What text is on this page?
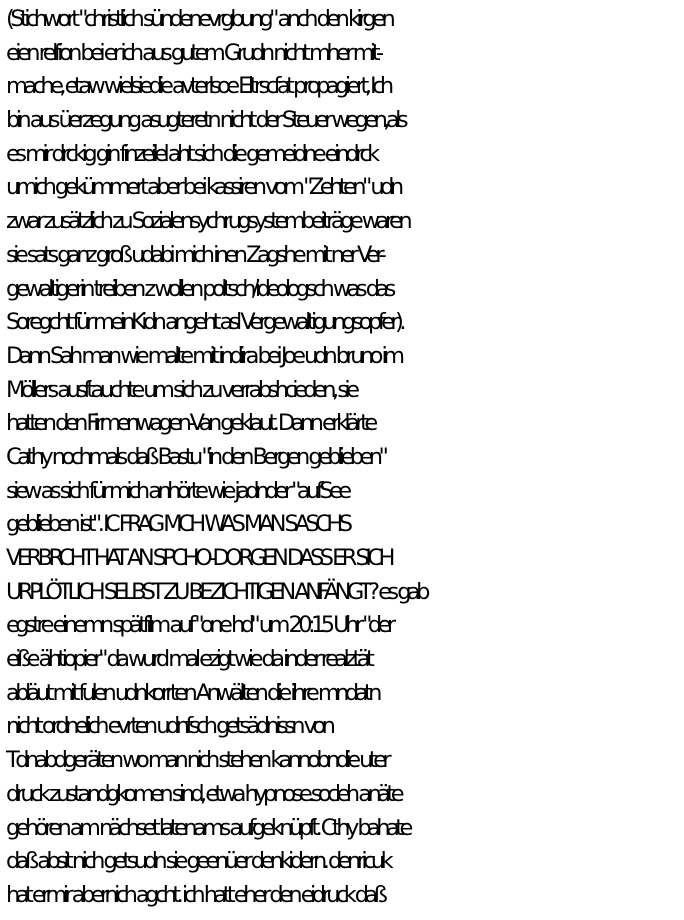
(Stichwort "christlich sündenevrgbung" anch den kirgen
eien relfion bei er ich aus gutem Grudn nicht mher mit-
mache, etaw wielsiedie avterlsoe Eltrscfat propagiert, Ich
bin aus üerzegung asugteretn nicht der Steuer wegen,als
es mir drckig gin finzeilel aht sich die gemeidne eindrck
umich gekümmert aber bei kassiren vom "Zehten" udn
zwar zusätzlich zu Sozialensychrugsystembeiträge waren
sie sats ganz groß udabi mich inen Zagshe mit ner Ver-
gewaltigerin treiben z wollen poltsch/ideologsch was das
Soregcht für meinKidn angeht asl Vergewaltigungsopfer).
Dann Sah man wie malte mit indira bei Joe udn bruno im
Möllers ausftauchte um sich zu verrabshcieden, sie
hatten den Firmenwagen-Van geklaut. Dann erklärte
Cathy nochmals daß Bastu "in den Bergen geblieben"
siew as sich für mich anhörte wie jadnder "aufSee
geblieben ist". IC FRAG MCH WAS MAN SASCHS
VERBRCHT HAT AN SPCHO-DORGEN DASS ER SICH
URPLÖTLICH SELBST ZU BEZICHTIGEN ANFÄNGT? es gab
egstre einemn spätfilm auf "one hd" um 20:15 Uhr "der
eiße ähtiopier" da wurd mal ezigt wie da inder realztät
abläut mit fulen udnkorrten Anwälten die ihre mndatn
nicht ordnelich evrten udnfsch getsädnissn von
Tdnabdgeräten wo man nich stehen kannobndie uter
druck zustandgkomen sind, etwa hypnose.socleh anäte
gehören am nächset latenams aufgeknüpft. Cthy bahate
daß absit nich getsudn sie geenüer denkidern. denricuk
hat ermir abernich agcht. ich hatt eher den eidruck daß
